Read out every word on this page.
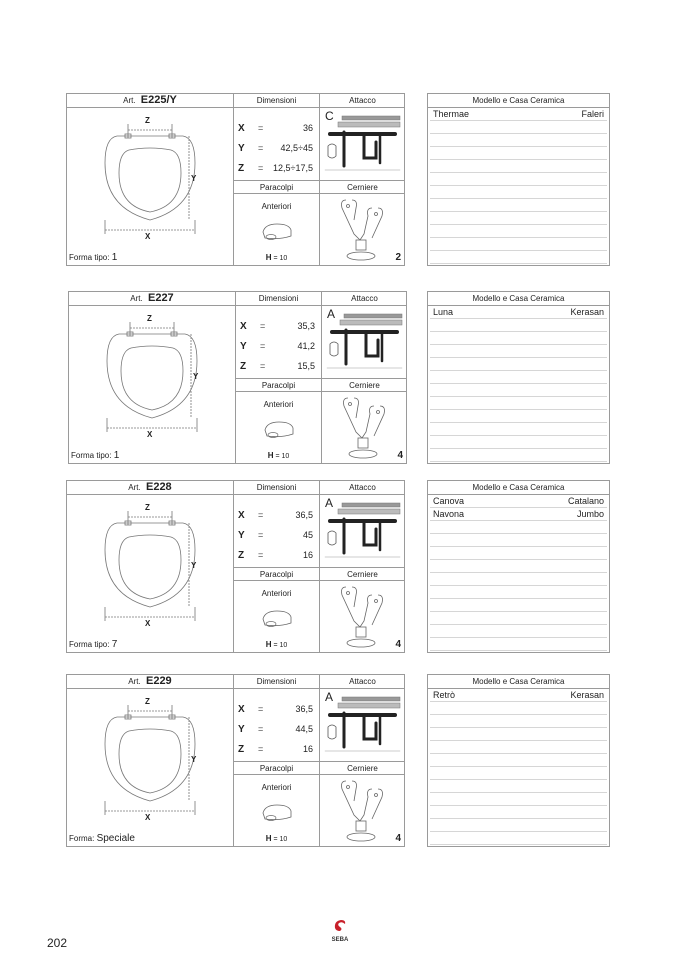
Art. E225/Y
Z
Y
X
Forma tipo: 1
Dimensioni
X =	36
Y = 42,5÷45
Z = 12,5÷17,5
Paracolpi
Anteriori
H = 10
Attacco
C
Cerniere
2
Modello e Casa Ceramica
Thermae	Faleri
Art. E227
Z
Y
X
Forma tipo: 1
Dimensioni
X =	35,3
Y =	41,2
Z =	15,5
Paracolpi
Anteriori
H = 10
Attacco
A
Cerniere
4
Modello e Casa Ceramica
Luna	Kerasan
Art. E228
Z
Y
X
Forma tipo: 7
Dimensioni
X =	36,5
Y =	45
Z =	16
Paracolpi
Anteriori
H = 10
Attacco
A
Cerniere
4
Modello e Casa Ceramica
Canova	Catalano
Navona	Jumbo
Art. E229
Z
Y
X
Forma: Speciale
Dimensioni
X =	36,5
Y =	44,5
Z =	16
Paracolpi
Anteriori
H = 10
Attacco
A
Cerniere
4
Modello e Casa Ceramica
Retrò	Kerasan
202	SEBA
